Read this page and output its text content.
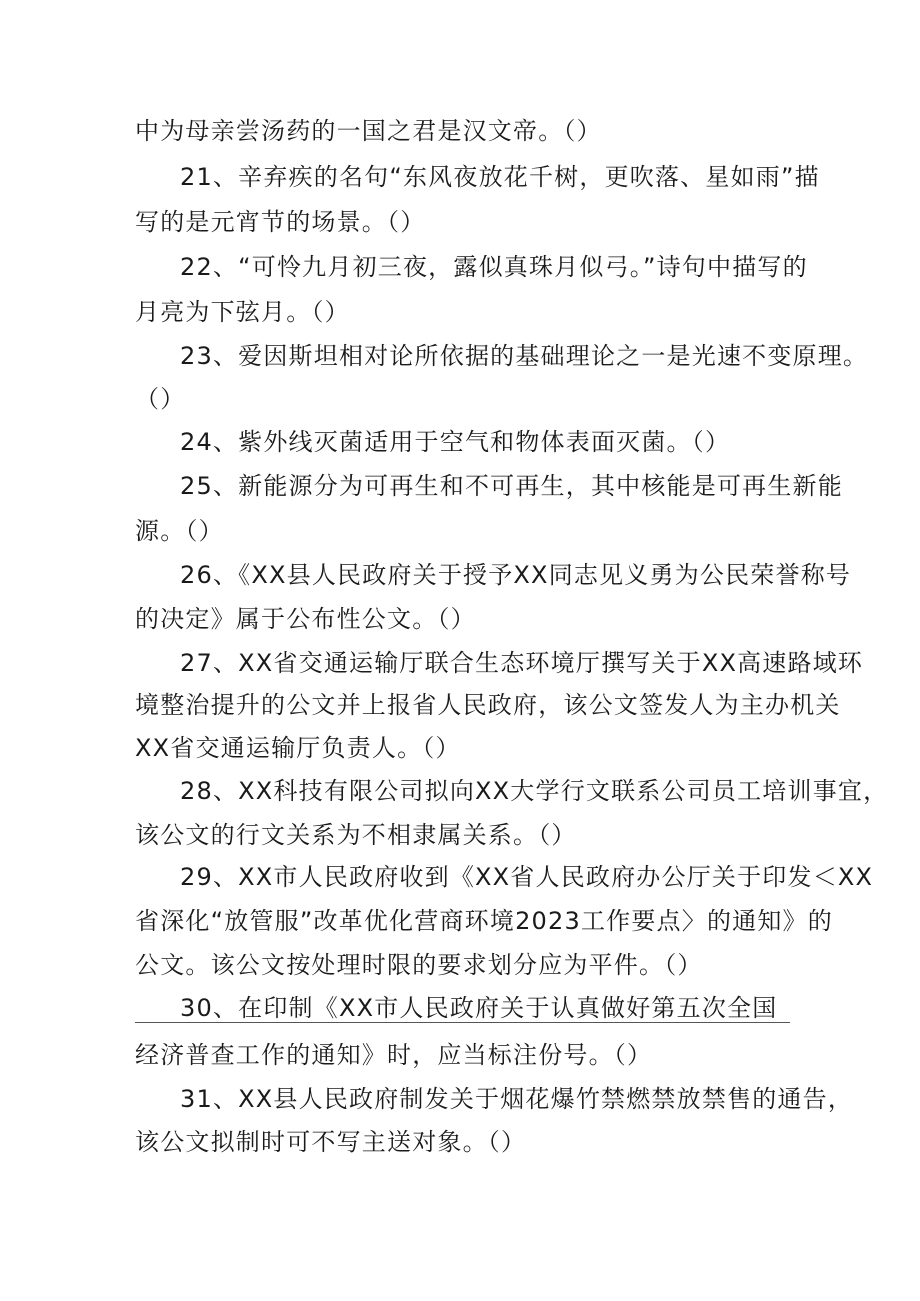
中为母亲尝汤药的一国之君是汉文帝。（）
21、辛弃疾的名句“东风夜放花千树，更吹落、星如雨”描
写的是元宵节的场景。（）
22、“可怜九月初三夜，露似真珠月似弓。”诗句中描写的
月亮为下弦月。（）
23、爱因斯坦相对论所依据的基础理论之一是光速不变原理。
（）
24、紫外线灭菌适用于空气和物体表面灭菌。（）
25、新能源分为可再生和不可再生，其中核能是可再生新能
源。（）
26、《XX县人民政府关于授予XX同志见义勇为公民荣誉称号
的决定》属于公布性公文。（）
27、XX省交通运输厅联合生态环境厅撰写关于XX高速路域环
境整治提升的公文并上报省人民政府，该公文签发人为主办机关
XX省交通运输厅负责人。（）
28、XX科技有限公司拟向XX大学行文联系公司员工培训事宜，
该公文的行文关系为不相隶属关系。（）
29、XX市人民政府收到《XX省人民政府办公厅关于印发＜XX
省深化“放管服”改革优化营商环境2023工作要点〉的通知》的
公文。该公文按处理时限的要求划分应为平件。（）
30、在印制《XX市人民政府关于认真做好第五次全国
经济普查工作的通知》时，应当标注份号。（）
31、XX县人民政府制发关于烟花爆竹禁燃禁放禁售的通告，
该公文拟制时可不写主送对象。（）
